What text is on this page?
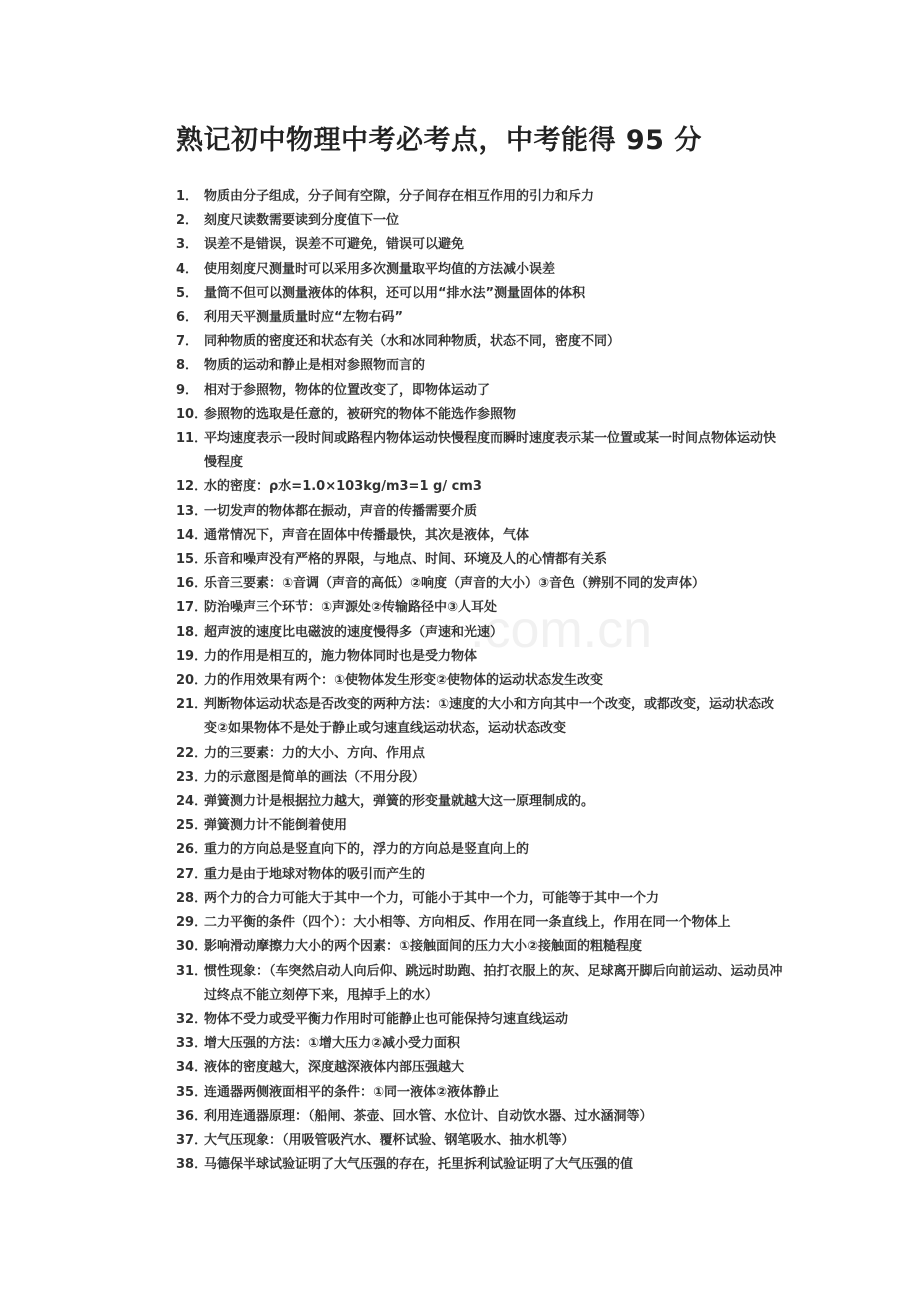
熟记初中物理中考必考点，中考能得 95 分
.com.cn
1． 物质由分子组成，分子间有空隙，分子间存在相互作用的引力和斥力
2． 刻度尺读数需要读到分度值下一位
3． 误差不是错误，误差不可避免，错误可以避免
4． 使用刻度尺测量时可以采用多次测量取平均值的方法减小误差
5． 量筒不但可以测量液体的体积，还可以用“排水法”测量固体的体积
6． 利用天平测量质量时应“左物右码”
7． 同种物质的密度还和状态有关（水和冰同种物质，状态不同，密度不同）
8． 物质的运动和静止是相对参照物而言的
9． 相对于参照物，物体的位置改变了，即物体运动了
10．
参照物的选取是任意的，被研究的物体不能选作参照物
11．
平均速度表示一段时间或路程内物体运动快慢程度而瞬时速度表示某一位置或某一时间点物体运动快慢程度
12．
水的密度：ρ水=1.0×103kg/m3=1 g/ cm3
13．
一切发声的物体都在振动，声音的传播需要介质
14．
通常情况下，声音在固体中传播最快，其次是液体，气体
15．
乐音和噪声没有严格的界限，与地点、时间、环境及人的心情都有关系
16．
乐音三要素：①音调（声音的高低）②响度（声音的大小）③音色（辨别不同的发声体）
17．
防治噪声三个环节：①声源处②传输路径中③人耳处
18．
超声波的速度比电磁波的速度慢得多（声速和光速）
19．
力的作用是相互的，施力物体同时也是受力物体
20．
力的作用效果有两个：①使物体发生形变②使物体的运动状态发生改变
21．
判断物体运动状态是否改变的两种方法：①速度的大小和方向其中一个改变，或都改变，运动状态改变②如果物体不是处于静止或匀速直线运动状态，运动状态改变
22．
力的三要素：力的大小、方向、作用点
23．
力的示意图是简单的画法（不用分段）
24．
弹簧测力计是根据拉力越大，弹簧的形变量就越大这一原理制成的。
25．
弹簧测力计不能倒着使用
26．
重力的方向总是竖直向下的，浮力的方向总是竖直向上的
27．
重力是由于地球对物体的吸引而产生的
28．
两个力的合力可能大于其中一个力，可能小于其中一个力，可能等于其中一个力
29．
二力平衡的条件（四个）：大小相等、方向相反、作用在同一条直线上，作用在同一个物体上
30．
影响滑动摩擦力大小的两个因素：①接触面间的压力大小②接触面的粗糙程度
31．
惯性现象：（车突然启动人向后仰、跳远时助跑、拍打衣服上的灰、足球离开脚后向前运动、运动员冲过终点不能立刻停下来，甩掉手上的水）
32．
物体不受力或受平衡力作用时可能静止也可能保持匀速直线运动
33．
增大压强的方法：①增大压力②减小受力面积
34．
液体的密度越大，深度越深液体内部压强越大
35．
连通器两侧液面相平的条件：①同一液体②液体静止
36．
利用连通器原理：（船闸、茶壶、回水管、水位计、自动饮水器、过水涵洞等）
37．
大气压现象：（用吸管吸汽水、覆杯试验、钢笔吸水、抽水机等）
38．
马德保半球试验证明了大气压强的存在，托里拆利试验证明了大气压强的值
